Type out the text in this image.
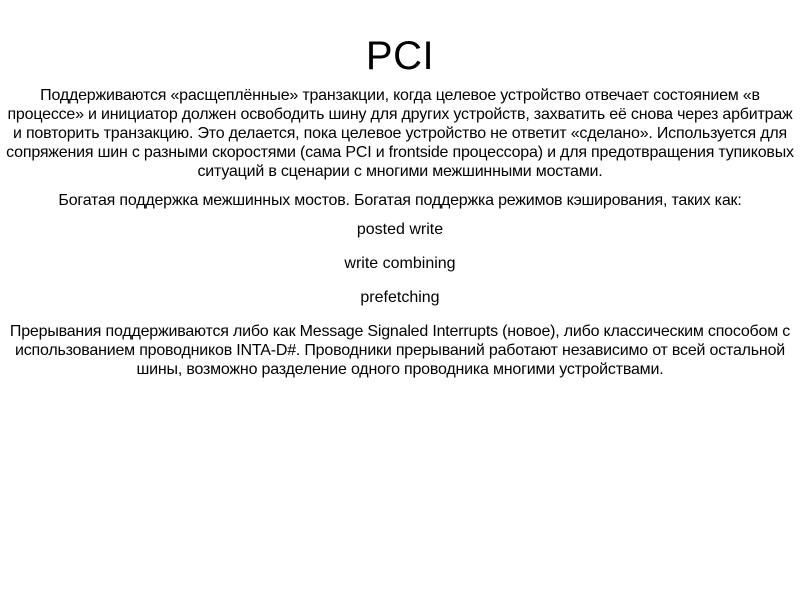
PCI

Поддерживаются «расщеплённые» транзакции, когда целевое устройство отвечает состоянием «в процессе» и инициатор должен освободить шину для других устройств, захватить её снова через арбитраж и повторить транзакцию. Это делается, пока целевое устройство не ответит «сделано». Используется для сопряжения шин с разными скоростями (сама PCI и frontside процессора) и для предотвращения тупиковых ситуаций в сценарии с многими межшинными мостами.

Богатая поддержка межшинных мостов. Богатая поддержка режимов кэширования, таких как:

posted write

write combining

prefetching

Прерывания поддерживаются либо как Message Signaled Interrupts (новое), либо классическим способом с использованием проводников INTA-D#. Проводники прерываний работают независимо от всей остальной шины, возможно разделение одного проводника многими устройствами.
